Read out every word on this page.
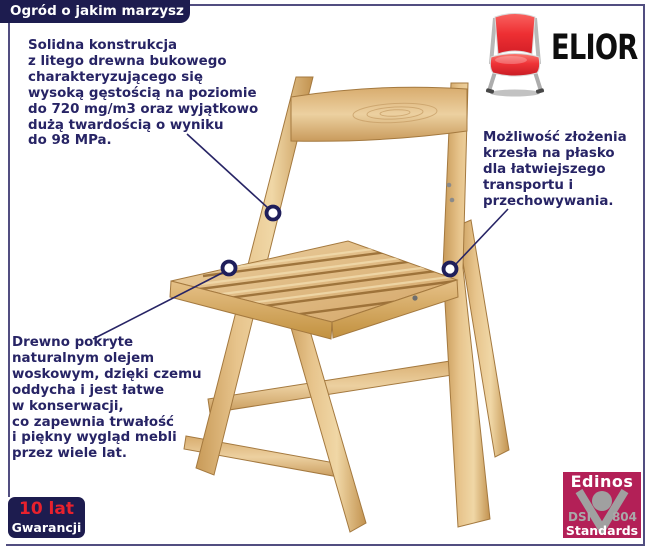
Ogród o jakim marzysz
Solidna konstrukcja
z litego drewna bukowego
charakteryzującego się
wysoką gęstością na poziomie
do 720 mg/m3 oraz wyjątkowo
dużą twardością o wyniku
do 98 MPa.	Możliwość złożenia
krzesła na płasko
dla łatwiejszego
transportu i
przechowywania.
Drewno pokryte
naturalnym olejem
woskowym, dzięki czemu
oddycha i jest łatwe
w konserwacji,
co zapewnia trwałość
i piękny wygląd mebli
przez wiele lat.
ELIOR
10 lat
Gwarancji
Edinos
DSI 804
Standards
